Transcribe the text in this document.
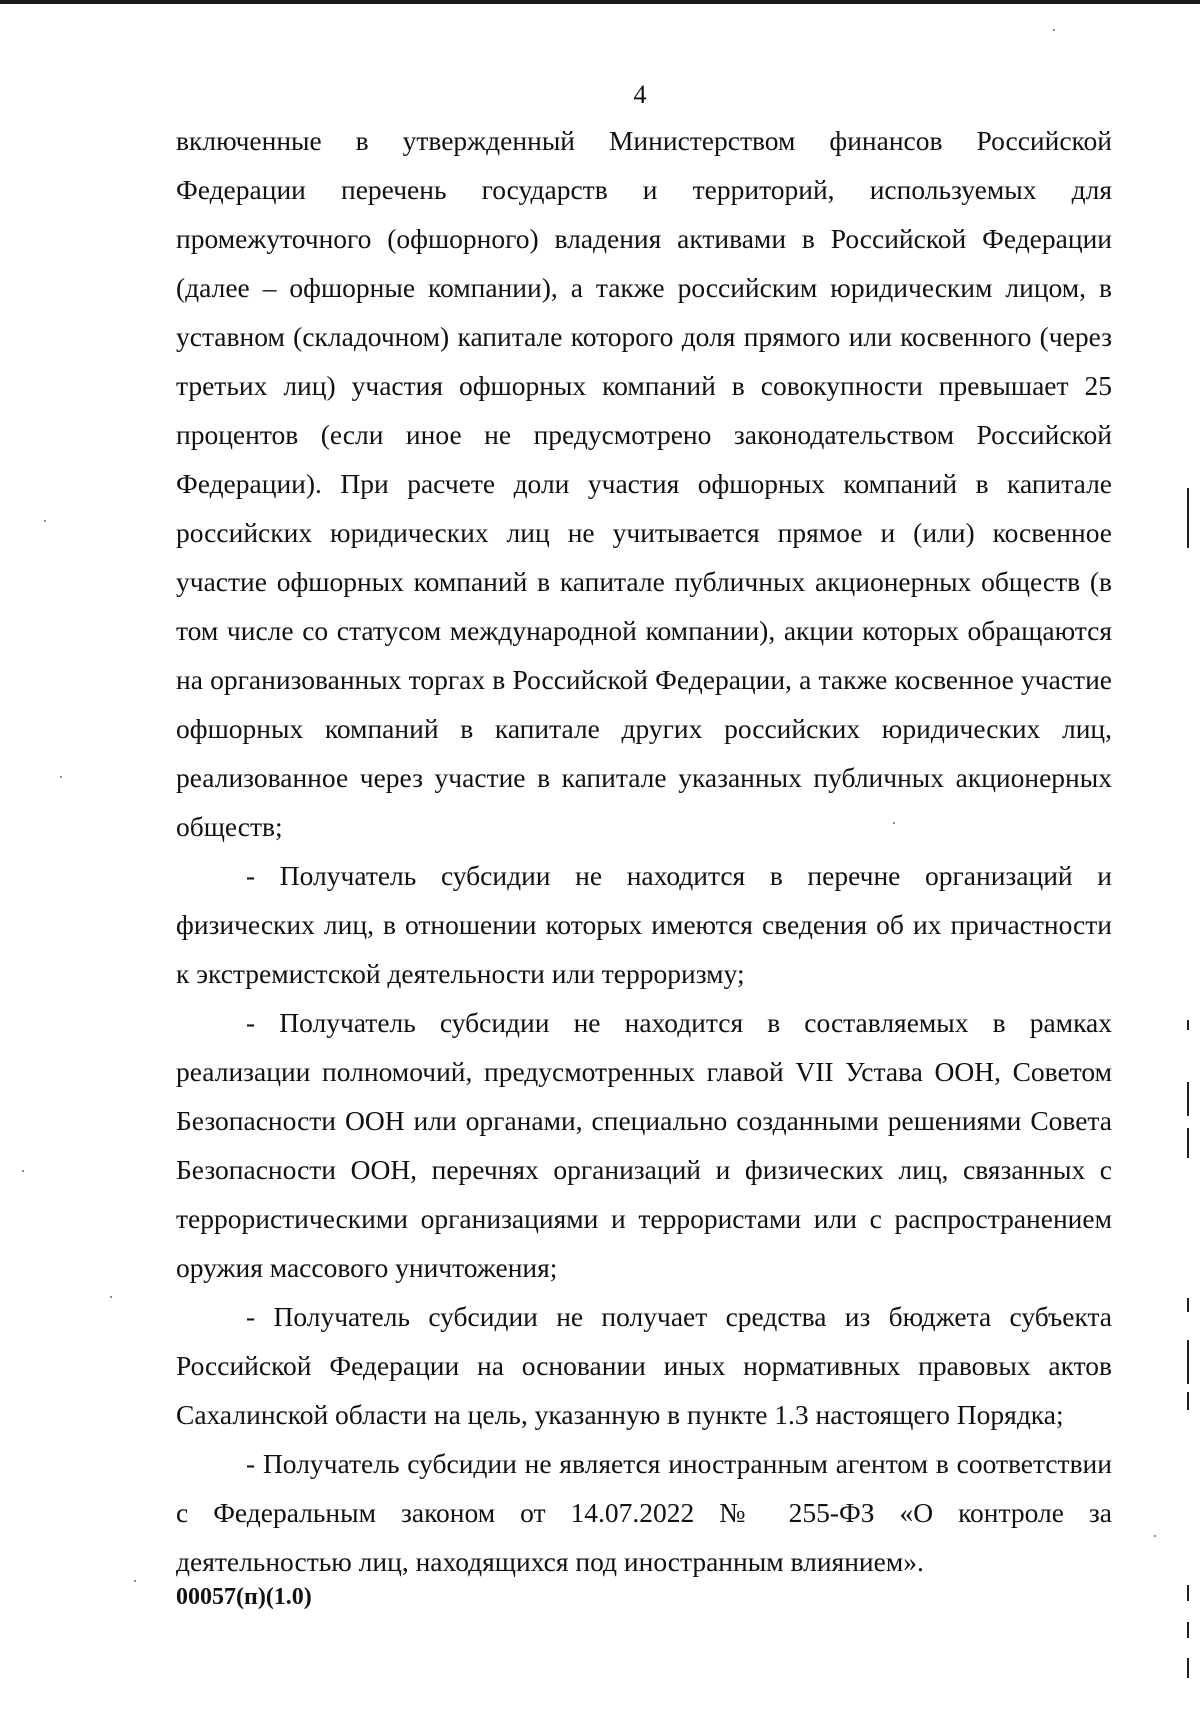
4

включенные в утвержденный Министерством финансов Российской Федерации перечень государств и территорий, используемых для промежуточного (офшорного) владения активами в Российской Федерации (далее – офшорные компании), а также российским юридическим лицом, в уставном (складочном) капитале которого доля прямого или косвенного (через третьих лиц) участия офшорных компаний в совокупности превышает 25 процентов (если иное не предусмотрено законодательством Российской Федерации). При расчете доли участия офшорных компаний в капитале российских юридических лиц не учитывается прямое и (или) косвенное участие офшорных компаний в капитале публичных акционерных обществ (в том числе со статусом международной компании), акции которых обращаются на организованных торгах в Российской Федерации, а также косвенное участие офшорных компаний в капитале других российских юридических лиц, реализованное через участие в капитале указанных публичных акционерных обществ;

- Получатель субсидии не находится в перечне организаций и физических лиц, в отношении которых имеются сведения об их причастности к экстремистской деятельности или терроризму;

- Получатель субсидии не находится в составляемых в рамках реализации полномочий, предусмотренных главой VII Устава ООН, Советом Безопасности ООН или органами, специально созданными решениями Совета Безопасности ООН, перечнях организаций и физических лиц, связанных с террористическими организациями и террористами или с распространением оружия массового уничтожения;

- Получатель субсидии не получает средства из бюджета субъекта Российской Федерации на основании иных нормативных правовых актов Сахалинской области на цель, указанную в пункте 1.3 настоящего Порядка;

- Получатель субсидии не является иностранным агентом в соответствии с Федеральным законом от 14.07.2022 № 255-ФЗ «О контроле за деятельностью лиц, находящихся под иностранным влиянием».

00057(п)(1.0)
